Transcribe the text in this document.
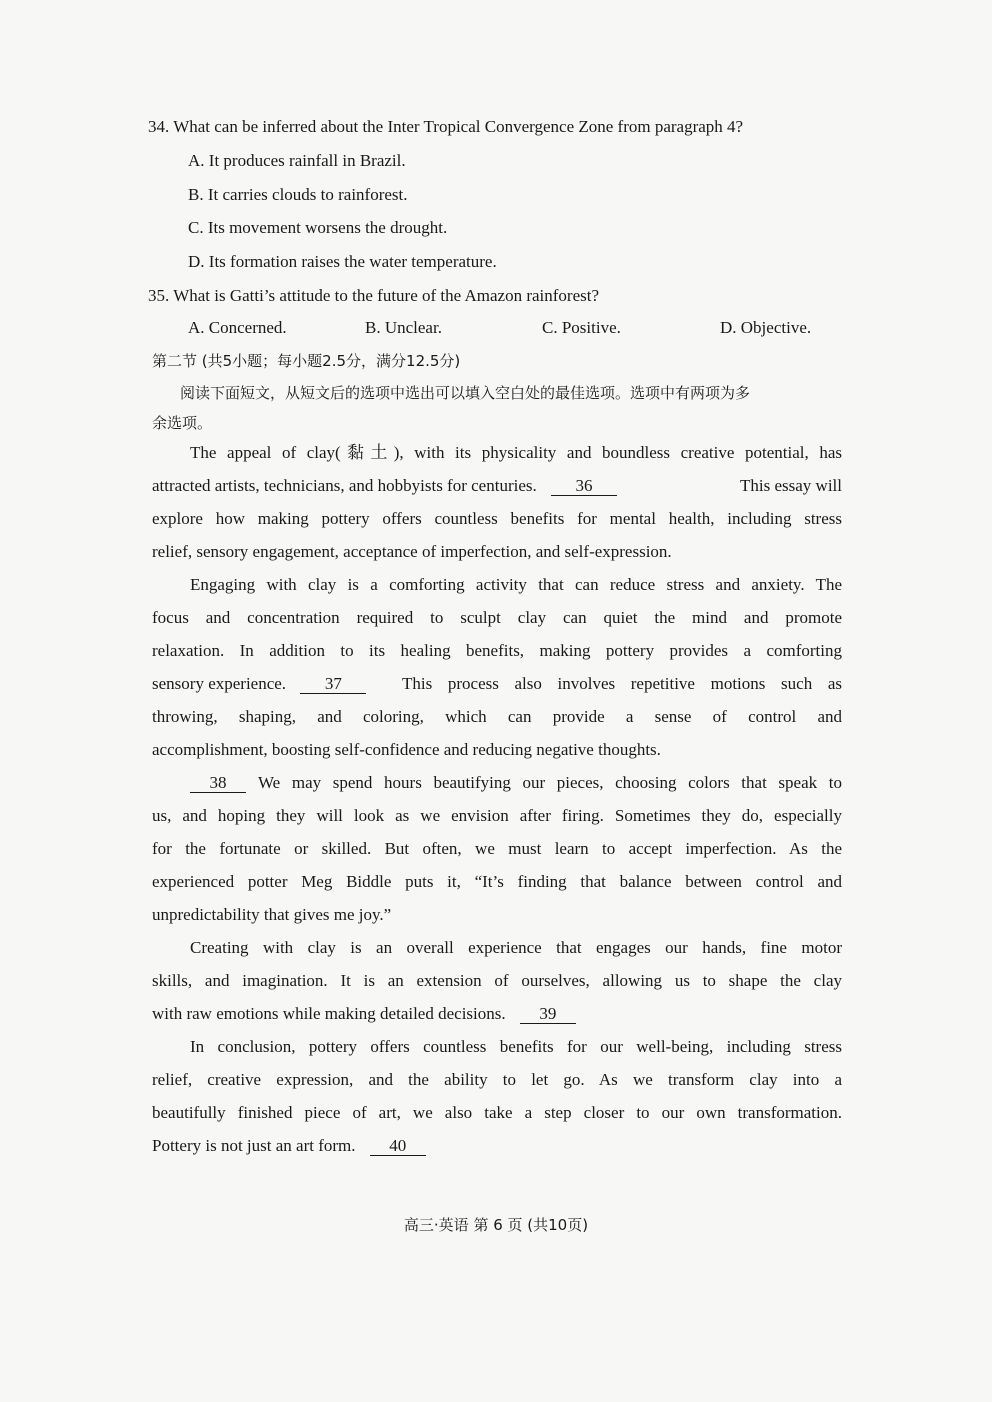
34. What can be inferred about the Inter Tropical Convergence Zone from paragraph 4?
A. It produces rainfall in Brazil.
B. It carries clouds to rainforest.
C. Its movement worsens the drought.
D. Its formation raises the water temperature.
35. What is Gatti’s attitude to the future of the Amazon rainforest?
A. Concerned.	B. Unclear.	C. Positive.	D. Objective.
第二节 (共5小题；每小题2.5分，满分12.5分)
阅读下面短文，从短文后的选项中选出可以填入空白处的最佳选项。选项中有两项为多
余选项。
The appeal of clay(黏土), with its physicality and boundless creative potential, has
attracted artists, technicians, and hobbyists for centuries. 36	This essay will
explore how making pottery offers countless benefits for mental health, including stress
relief, sensory engagement, acceptance of imperfection, and self-expression.
Engaging with clay is a comforting activity that can reduce stress and anxiety. The
focus and concentration required to sculpt clay can quiet the mind and promote
relaxation. In addition to its healing benefits, making pottery provides a comforting
sensory experience. 37	This process also involves repetitive motions such as
throwing, shaping, and coloring, which can provide a sense of control and
accomplishment, boosting self-confidence and reducing negative thoughts.
38 We may spend hours beautifying our pieces, choosing colors that speak to
us, and hoping they will look as we envision after firing. Sometimes they do, especially
for the fortunate or skilled. But often, we must learn to accept imperfection. As the
experienced potter Meg Biddle puts it, “It’s finding that balance between control and
unpredictability that gives me joy.”
Creating with clay is an overall experience that engages our hands, fine motor
skills, and imagination. It is an extension of ourselves, allowing us to shape the clay
with raw emotions while making detailed decisions. 39
In conclusion, pottery offers countless benefits for our well-being, including stress
relief, creative expression, and the ability to let go. As we transform clay into a
beautifully finished piece of art, we also take a step closer to our own transformation.
Pottery is not just an art form. 40
高三·英语 第 6 页 (共10页)
